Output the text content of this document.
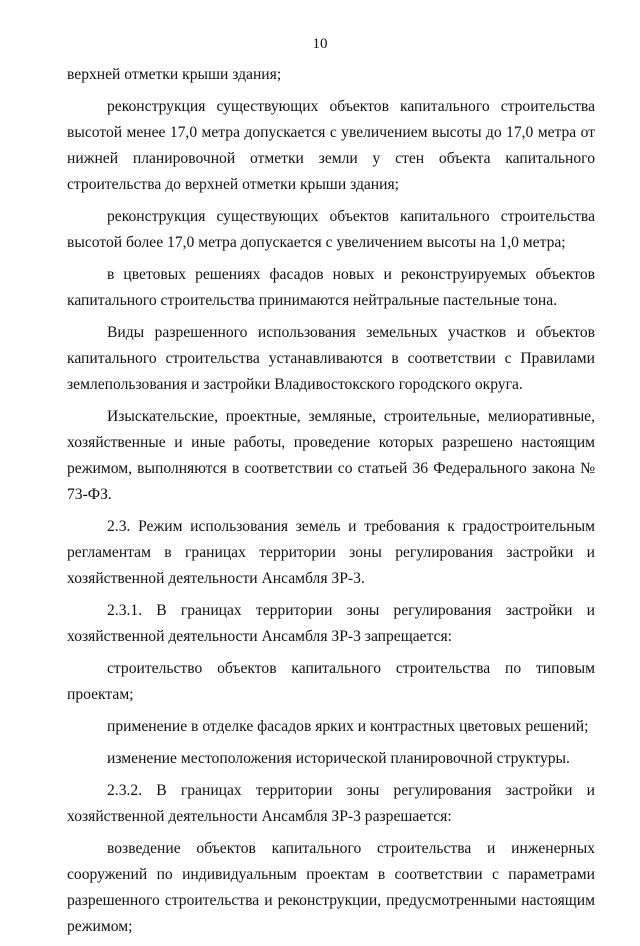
10

верхней отметки крыши здания;

реконструкция существующих объектов капитального строительства высотой менее 17,0 метра допускается с увеличением высоты до 17,0 метра от нижней планировочной отметки земли у стен объекта капитального строительства до верхней отметки крыши здания;

реконструкция существующих объектов капитального строительства высотой более 17,0 метра допускается с увеличением высоты на 1,0 метра;

в цветовых решениях фасадов новых и реконструируемых объектов капитального строительства принимаются нейтральные пастельные тона.

Виды разрешенного использования земельных участков и объектов капитального строительства устанавливаются в соответствии с Правилами землепользования и застройки Владивостокского городского округа.

Изыскательские, проектные, земляные, строительные, мелиоративные, хозяйственные и иные работы, проведение которых разрешено настоящим режимом, выполняются в соответствии со статьей 36 Федерального закона № 73-ФЗ.

2.3. Режим использования земель и требования к градостроительным регламентам в границах территории зоны регулирования застройки и хозяйственной деятельности Ансамбля ЗР-3.

2.3.1. В границах территории зоны регулирования застройки и хозяйственной деятельности Ансамбля ЗР-3 запрещается:

строительство объектов капитального строительства по типовым проектам;

применение в отделке фасадов ярких и контрастных цветовых решений;

изменение местоположения исторической планировочной структуры.

2.3.2. В границах территории зоны регулирования застройки и хозяйственной деятельности Ансамбля ЗР-3 разрешается:

возведение объектов капитального строительства и инженерных сооружений по индивидуальным проектам в соответствии с параметрами разрешенного строительства и реконструкции, предусмотренными настоящим режимом;
